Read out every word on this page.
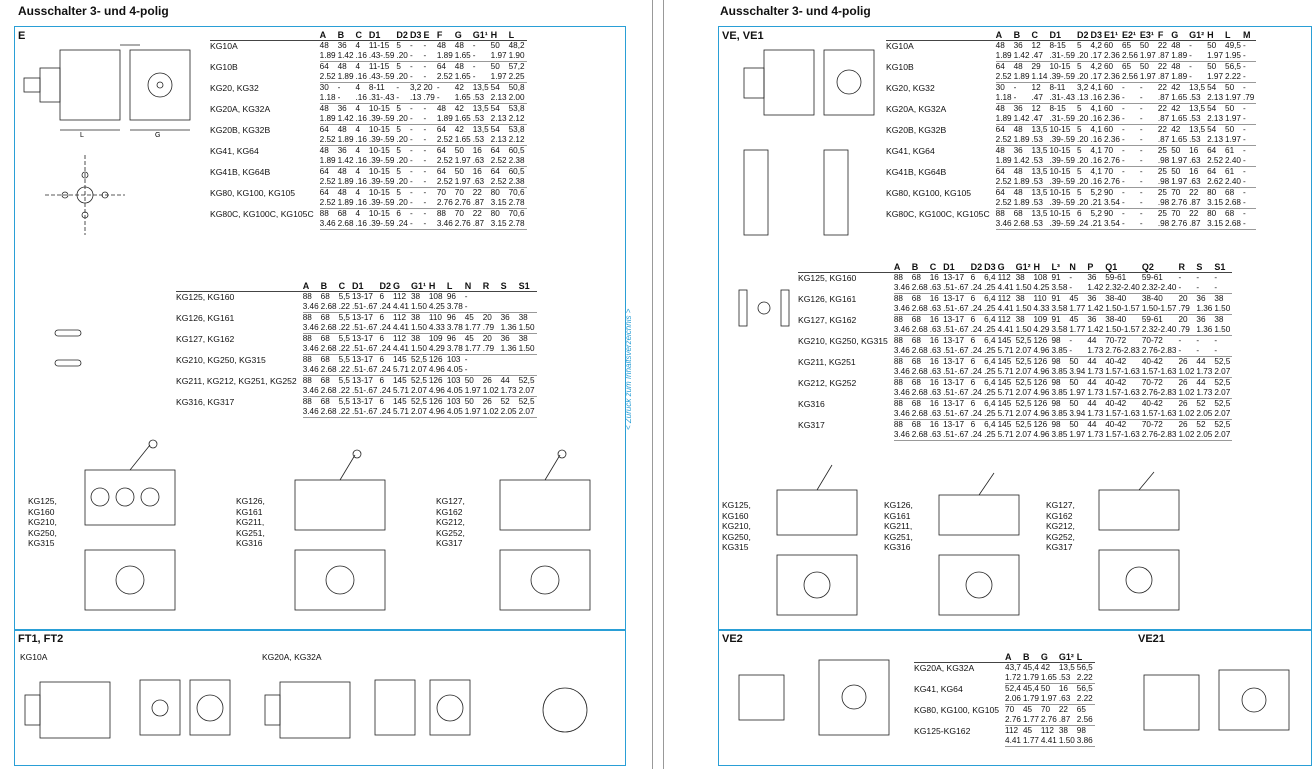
Ausschalter 3- und 4-polig
E
FT1, FT2
	A	B	C	D1	D2	D3	E	F	G	G1¹	H	L
KG10A	48	36	4	11-15	5	-	-	48	48	-	50	48,2
	1.89	1.42	.16	.43-.59	.20	-	-	1.89	1.65	-	1.97	1.90
KG10B	64	48	4	11-15	5	-	-	64	48	-	50	57,2
	2.52	1.89	.16	.43-.59	.20	-	-	2.52	1.65	-	1.97	2.25
KG20, KG32	30	-	4	8-11	-	3,2	20	-	42	13,5	54	50,8
	1.18	-	.16	.31-.43	-	.13	.79	-	1.65	.53	2.13	2.00
KG20A, KG32A	48	36	4	10-15	5	-	-	48	42	13,5	54	53,8
	1.89	1.42	.16	.39-.59	.20	-	-	1.89	1.65	.53	2.13	2.12
KG20B, KG32B	64	48	4	10-15	5	-	-	64	42	13,5	54	53,8
	2.52	1.89	.16	.39-.59	.20	-	-	2.52	1.65	.53	2.13	2.12
KG41, KG64	48	36	4	10-15	5	-	-	64	50	16	64	60,5
	1.89	1.42	.16	.39-.59	.20	-	-	2.52	1.97	.63	2.52	2.38
KG41B, KG64B	64	48	4	10-15	5	-	-	64	50	16	64	60,5
	2.52	1.89	.16	.39-.59	.20	-	-	2.52	1.97	.63	2.52	2.38
KG80, KG100, KG105	64	48	4	10-15	5	-	-	70	70	22	80	70,6
	2.52	1.89	.16	.39-.59	.20	-	-	2.76	2.76	.87	3.15	2.78
KG80C, KG100C, KG105C	88	68	4	10-15	6	-	-	88	70	22	80	70,6
	3.46	2.68	.16	.39-.59	.24	-	-	3.46	2.76	.87	3.15	2.78
	A	B	C	D1	D2	G	G1¹	H	L	N	R	S	S1
KG125, KG160	88	68	5,5	13-17	6	112	38	108	96	-			
	3.46	2.68	.22	.51-.67	.24	4.41	1.50	4.25	3.78	-			
KG126, KG161	88	68	5,5	13-17	6	112	38	110	96	45	20	36	38
	3.46	2.68	.22	.51-.67	.24	4.41	1.50	4.33	3.78	1.77	.79	1.36	1.50
KG127, KG162	88	68	5,5	13-17	6	112	38	109	96	45	20	36	38
	3.46	2.68	.22	.51-.67	.24	4.41	1.50	4.29	3.78	1.77	.79	1.36	1.50
KG210, KG250, KG315	88	68	5,5	13-17	6	145	52,5	126	103	-			
	3.46	2.68	.22	.51-.67	.24	5.71	2.07	4.96	4.05	-			
KG211, KG212, KG251, KG252	88	68	5,5	13-17	6	145	52,5	126	103	50	26	44	52,5
	3.46	2.68	.22	.51-.67	.24	5.71	2.07	4.96	4.05	1.97	1.02	1.73	2.07
KG316, KG317	88	68	5,5	13-17	6	145	52,5	126	103	50	26	52	52,5
	3.46	2.68	.22	.51-.67	.24	5.71	2.07	4.96	4.05	1.97	1.02	2.05	2.07
L	G
KG125,
KG160
KG210,
KG250,
KG315
KG126,
KG161
KG211,
KG251,
KG316
KG127,
KG162
KG212,
KG252,
KG317
KG10A	KG20A, KG32A
< Zurück zum Inhaltsverzeichnis >
Ausschalter 3- und 4-polig
VE, VE1
VE2	VE21
	A	B	C	D1	D2	D3	E1¹	E2¹	E3¹	F	G	G1²	H	L	M
KG10A	48	36	12	8-15	5	4,2	60	65	50	22	48	-	50	49,5	-
	1.89	1.42	.47	.31-.59	.20	.17	2.36	2.56	1.97	.87	1.89	-	1.97	1.95	-
KG10B	64	48	29	10-15	5	4,2	60	65	50	22	48	-	50	56,5	-
	2.52	1.89	1.14	.39-.59	.20	.17	2.36	2.56	1.97	.87	1.89	-	1.97	2.22	-
KG20, KG32	30	-	12	8-11	3,2	4,1	60	-	-	22	42	13,5	54	50	-
	1.18	-	.47	.31-.43	.13	.16	2.36	-	-	.87	1.65	.53	2.13	1.97	.79
KG20A, KG32A	48	36	12	8-15	5	4,1	60	-	-	22	42	13,5	54	50	-
	1.89	1.42	.47	.31-.59	.20	.16	2.36	-	-	.87	1.65	.53	2.13	1.97	-
KG20B, KG32B	64	48	13,5	10-15	5	4,1	60	-	-	22	42	13,5	54	50	-
	2.52	1.89	.53	.39-.59	.20	.16	2.36	-	-	.87	1.65	.53	2.13	1.97	-
KG41, KG64	48	36	13,5	10-15	5	4,1	70	-	-	25	50	16	64	61	-
	1.89	1.42	.53	.39-.59	.20	.16	2.76	-	-	.98	1.97	.63	2.52	2.40	-
KG41B, KG64B	64	48	13,5	10-15	5	4,1	70	-	-	25	50	16	64	61	-
	2.52	1.89	.53	.39-.59	.20	.16	2.76	-	-	.98	1.97	.63	2.62	2.40	-
KG80, KG100, KG105	64	48	13,5	10-15	5	5,2	90	-	-	25	70	22	80	68	-
	2.52	1.89	.53	.39-.59	.20	.21	3.54	-	-	.98	2.76	.87	3.15	2.68	-
KG80C, KG100C, KG105C	88	68	13,5	10-15	6	5,2	90	-	-	25	70	22	80	68	-
	3.46	2.68	.53	.39-.59	.24	.21	3.54	-	-	.98	2.76	.87	3.15	2.68	-
	A	B	C	D1	D2	D3	G	G1²	H	L³	N	P	Q1	Q2	R	S	S1
KG125, KG160	88	68	16	13-17	6	6,4	112	38	108	91	-	36	59-61	59-61	-	-	-
	3.46	2.68	.63	.51-.67	.24	.25	4.41	1.50	4.25	3.58	-	1.42	2.32-2.40	2.32-2.40	-	-	-
KG126, KG161	88	68	16	13-17	6	6,4	112	38	110	91	45	36	38-40	38-40	20	36	38
	3.46	2.68	.63	.51-.67	.24	.25	4.41	1.50	4.33	3.58	1.77	1.42	1.50-1.57	1.50-1.57	.79	1.36	1.50
KG127, KG162	88	68	16	13-17	6	6,4	112	38	109	91	45	36	38-40	59-61	20	36	38
	3.46	2.68	.63	.51-.67	.24	.25	4.41	1.50	4.29	3.58	1.77	1.42	1.50-1.57	2.32-2.40	.79	1.36	1.50
KG210, KG250, KG315	88	68	16	13-17	6	6,4	145	52,5	126	98	-	44	70-72	70-72	-	-	-
	3.46	2.68	.63	.51-.67	.24	.25	5.71	2.07	4.96	3.85	-	1.73	2.76-2.83	2.76-2.83	-	-	-
KG211, KG251	88	68	16	13-17	6	6,4	145	52,5	126	98	50	44	40-42	40-42	26	44	52,5
	3.46	2.68	.63	.51-.67	.24	.25	5.71	2.07	4.96	3.85	3.94	1.73	1.57-1.63	1.57-1.63	1.02	1.73	2.07
KG212, KG252	88	68	16	13-17	6	6,4	145	52,5	126	98	50	44	40-42	70-72	26	44	52,5
	3.46	2.68	.63	.51-.67	.24	.25	5.71	2.07	4.96	3.85	1.97	1.73	1.57-1.63	2.76-2.83	1.02	1.73	2.07
KG316	88	68	16	13-17	6	6,4	145	52,5	126	98	50	44	40-42	40-42	26	52	52,5
	3.46	2.68	.63	.51-.67	.24	.25	5.71	2.07	4.96	3.85	3.94	1.73	1.57-1.63	1.57-1.63	1.02	2.05	2.07
KG317	88	68	16	13-17	6	6,4	145	52,5	126	98	50	44	40-42	70-72	26	52	52,5
	3.46	2.68	.63	.51-.67	.24	.25	5.71	2.07	4.96	3.85	1.97	1.73	1.57-1.63	2.76-2.83	1.02	2.05	2.07
	A	B	G	G1²	L
KG20A, KG32A	43,7	45,4	42	13,5	56,5
	1.72	1.79	1.65	.53	2.22
KG41, KG64	52,4	45,4	50	16	56,5
	2.06	1.79	1.97	.63	2.22
KG80, KG100, KG105	70	45	70	22	65
	2.76	1.77	2.76	.87	2.56
KG125-KG162	112	45	112	38	98
	4.41	1.77	4.41	1.50	3.86
KG125,
KG160
KG210,
KG250,
KG315
KG126,
KG161
KG211,
KG251,
KG316
KG127,
KG162
KG212,
KG252,
KG317
